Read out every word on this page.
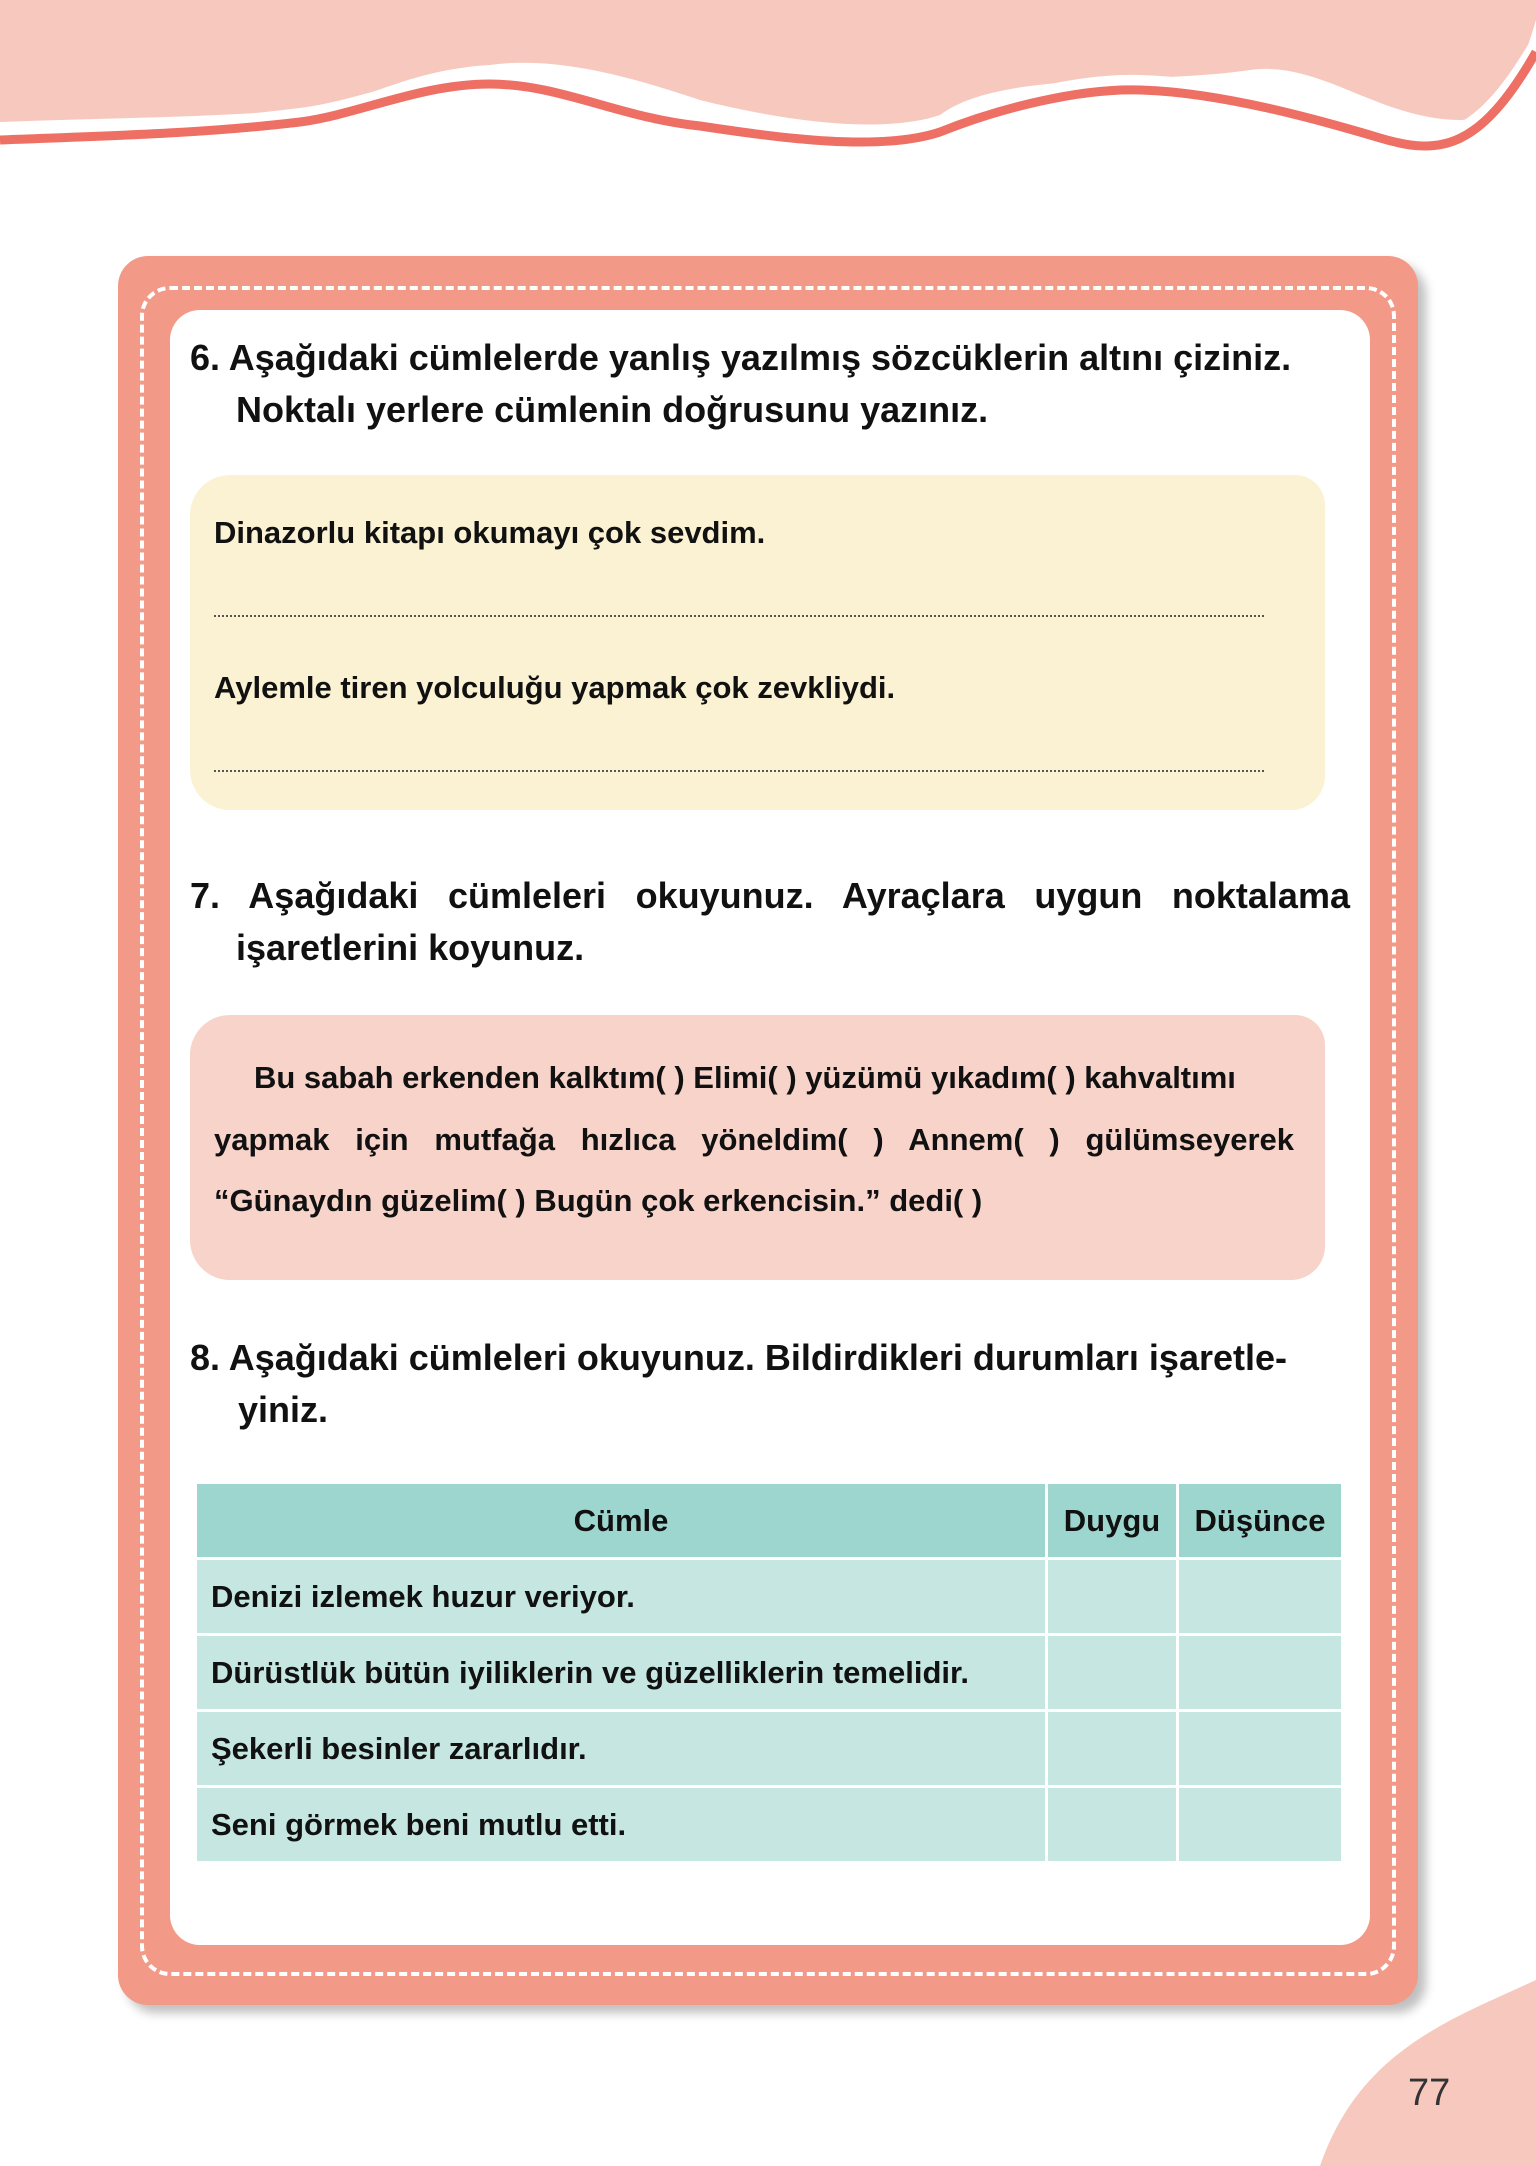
6. Aşağıdaki cümlelerde yanlış yazılmış sözcüklerin altını çiziniz.
Noktalı yerlere cümlenin doğrusunu yazınız.
Dinazorlu kitapı okumayı çok sevdim.
Aylemle tiren yolculuğu yapmak çok zevkliydi.
7. Aşağıdaki cümleleri okuyunuz. Ayraçlara uygun noktalama
işaretlerini koyunuz.
Bu sabah erkenden kalktım( ) Elimi( ) yüzümü yıkadım( ) kahvaltımı
yapmak için mutfağa hızlıca yöneldim( ) Annem( ) gülümseyerek
“Günaydın güzelim( ) Bugün çok erkencisin.” dedi( )
8. Aşağıdaki cümleleri okuyunuz. Bildirdikleri durumları işaretle-
yiniz.
Cümle	Duygu	Düşünce
Denizi izlemek huzur veriyor.		
Dürüstlük bütün iyiliklerin ve güzelliklerin temelidir.		
Şekerli besinler zararlıdır.		
Seni görmek beni mutlu etti.		
77
